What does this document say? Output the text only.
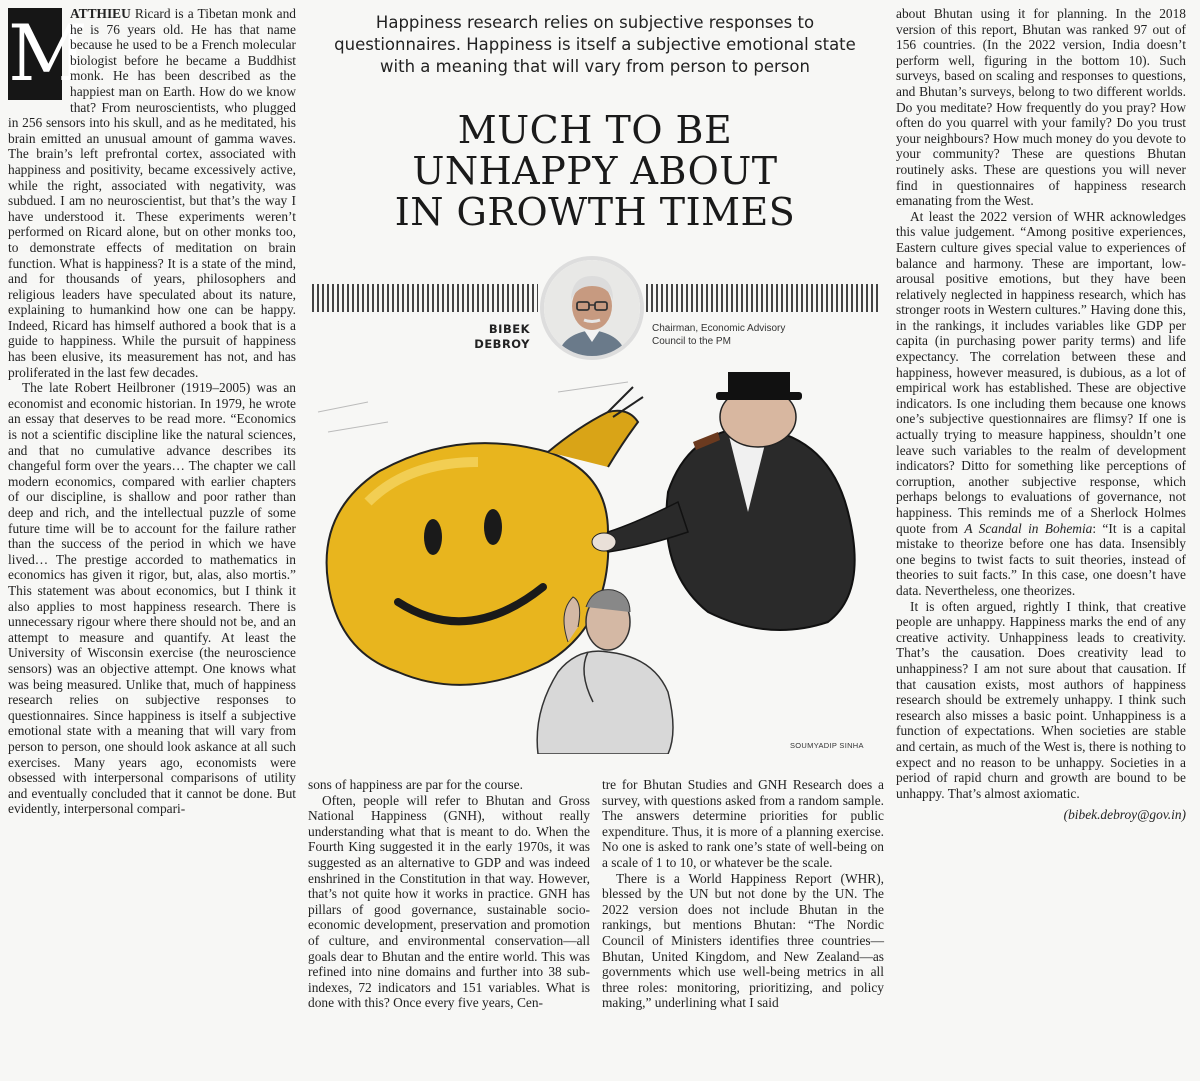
M
ATTHIEU Ricard is a Tibetan monk and he is 76 years old. He has that name because he used to be a French molecular biologist before he became a Buddhist monk. He has been described as the happiest man on Earth. How do we know that? From neuroscientists, who plugged in 256 sensors into his skull, and as he meditated, his brain emitted an unusual amount of gamma waves. The brain’s left prefrontal cortex, associated with happiness and positivity, became excessively active, while the right, associated with negativity, was subdued. I am no neuroscientist, but that’s the way I have understood it. These experiments weren’t performed on Ricard alone, but on other monks too, to demonstrate effects of meditation on brain function. What is happiness? It is a state of the mind, and for thousands of years, philosophers and religious leaders have speculated about its nature, explaining to humankind how one can be happy. Indeed, Ricard has himself authored a book that is a guide to happiness. While the pursuit of happiness has been elusive, its measurement has not, and has proliferated in the last few decades.

The late Robert Heilbroner (1919–2005) was an economist and economic historian. In 1979, he wrote an essay that deserves to be read more. “Economics is not a scientific discipline like the natural sciences, and that no cumulative advance describes its changeful form over the years… The chapter we call modern economics, compared with earlier chapters of our discipline, is shallow and poor rather than deep and rich, and the intellectual puzzle of some future time will be to account for the failure rather than the success of the period in which we have lived… The prestige accorded to mathematics in economics has given it rigor, but, alas, also mortis.” This statement was about economics, but I think it also applies to most happiness research. There is unnecessary rigour where there should not be, and an attempt to measure and quantify. At least the University of Wisconsin exercise (the neuroscience sensors) was an objective attempt. One knows what was being measured. Unlike that, much of happiness research relies on subjective responses to questionnaires. Since happiness is itself a subjective emotional state with a meaning that will vary from person to person, one should look askance at all such exercises. Many years ago, economists were obsessed with interpersonal comparisons of utility and eventually concluded that it cannot be done. But evidently, interpersonal compari-

Happiness research relies on subjective responses to questionnaires. Happiness is itself a subjective emotional state with a meaning that will vary from person to person
MUCH TO BE
UNHAPPY ABOUT
IN GROWTH TIMES
BIBEK
DEBROY
Chairman, Economic Advisory Council to the PM
SOUMYADIP SINHA

sons of happiness are par for the course.

Often, people will refer to Bhutan and Gross National Happiness (GNH), without really understanding what that is meant to do. When the Fourth King suggested it in the early 1970s, it was suggested as an alternative to GDP and was indeed enshrined in the Constitution in that way. However, that’s not quite how it works in practice. GNH has pillars of good governance, sustainable socio-economic development, preservation and promotion of culture, and environmental conservation—all goals dear to Bhutan and the entire world. This was refined into nine domains and further into 38 sub-indexes, 72 indicators and 151 variables. What is done with this? Once every five years, Cen-

tre for Bhutan Studies and GNH Research does a survey, with questions asked from a random sample. The answers determine priorities for public expenditure. Thus, it is more of a planning exercise. No one is asked to rank one’s state of well-being on a scale of 1 to 10, or whatever be the scale.

There is a World Happiness Report (WHR), blessed by the UN but not done by the UN. The 2022 version does not include Bhutan in the rankings, but mentions Bhutan: “The Nordic Council of Ministers identifies three countries—Bhutan, United Kingdom, and New Zealand—as governments which use well-being metrics in all three roles: monitoring, prioritizing, and policy making,” underlining what I said

about Bhutan using it for planning. In the 2018 version of this report, Bhutan was ranked 97 out of 156 countries. (In the 2022 version, India doesn’t perform well, figuring in the bottom 10). Such surveys, based on scaling and responses to questions, and Bhutan’s surveys, belong to two different worlds. Do you meditate? How frequently do you pray? How often do you quarrel with your family? Do you trust your neighbours? How much money do you devote to your community? These are questions Bhutan routinely asks. These are questions you will never find in questionnaires of happiness research emanating from the West.

At least the 2022 version of WHR acknowledges this value judgement. “Among positive experiences, Eastern culture gives special value to experiences of balance and harmony. These are important, low-arousal positive emotions, but they have been relatively neglected in happiness research, which has stronger roots in Western cultures.” Having done this, in the rankings, it includes variables like GDP per capita (in purchasing power parity terms) and life expectancy. The correlation between these and happiness, however measured, is dubious, as a lot of empirical work has established. These are objective indicators. Is one including them because one knows one’s subjective questionnaires are flimsy? If one is actually trying to measure happiness, shouldn’t one leave such variables to the realm of development indicators? Ditto for something like perceptions of corruption, another subjective response, which perhaps belongs to evaluations of governance, not happiness. This reminds me of a Sherlock Holmes quote from A Scandal in Bohemia: “It is a capital mistake to theorize before one has data. Insensibly one begins to twist facts to suit theories, instead of theories to suit facts.” In this case, one doesn’t have data. Nevertheless, one theorizes.

It is often argued, rightly I think, that creative people are unhappy. Happiness marks the end of any creative activity. Unhappiness leads to creativity. That’s the causation. Does creativity lead to unhappiness? I am not sure about that causation. If that causation exists, most authors of happiness research should be extremely unhappy. I think such research also misses a basic point. Unhappiness is a function of expectations. When societies are stable and certain, as much of the West is, there is nothing to expect and no reason to be unhappy. Societies in a period of rapid churn and growth are bound to be unhappy. That’s almost axiomatic.

(bibek.debroy@gov.in)
